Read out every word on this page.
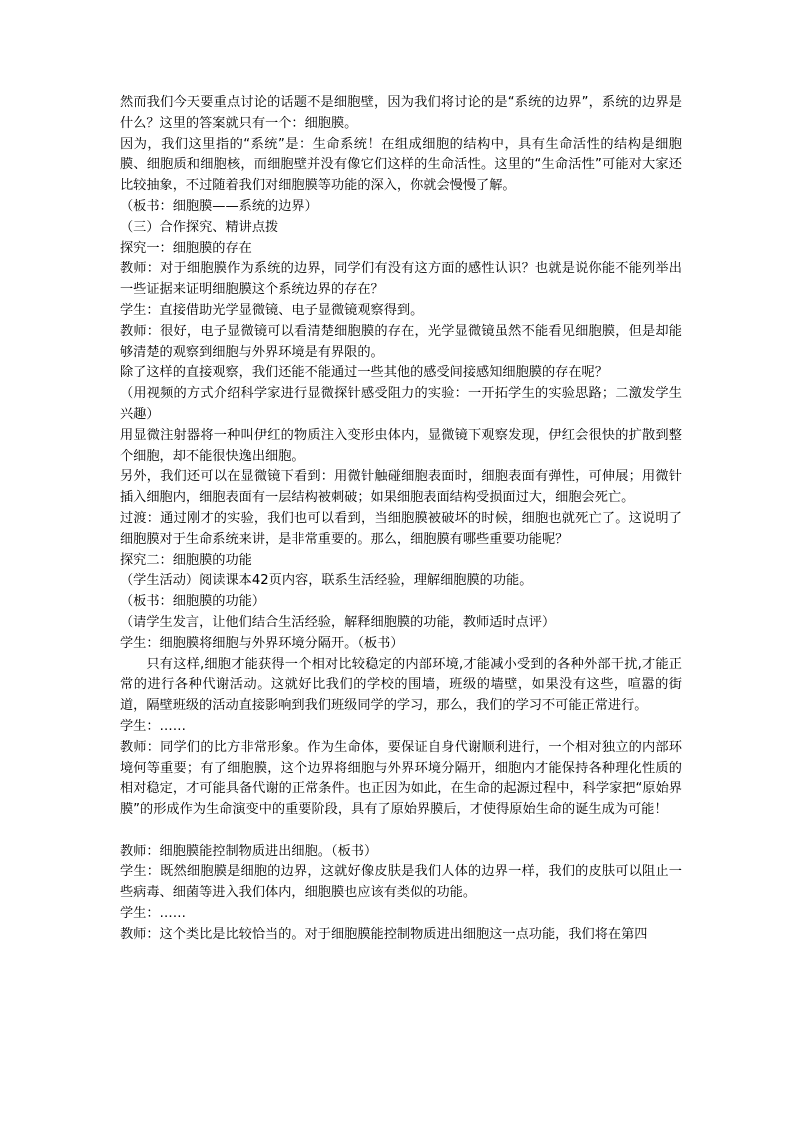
然而我们今天要重点讨论的话题不是细胞壁，因为我们将讨论的是“系统的边界”，系统的边界是什么？这里的答案就只有一个：细胞膜。

因为，我们这里指的“系统”是：生命系统！在组成细胞的结构中，具有生命活性的结构是细胞膜、细胞质和细胞核，而细胞壁并没有像它们这样的生命活性。这里的“生命活性”可能对大家还比较抽象，不过随着我们对细胞膜等功能的深入，你就会慢慢了解。

（板书：细胞膜——系统的边界）

（三）合作探究、精讲点拨

探究一：细胞膜的存在

教师：对于细胞膜作为系统的边界，同学们有没有这方面的感性认识？也就是说你能不能列举出一些证据来证明细胞膜这个系统边界的存在？

学生：直接借助光学显微镜、电子显微镜观察得到。

教师：很好，电子显微镜可以看清楚细胞膜的存在，光学显微镜虽然不能看见细胞膜，但是却能够清楚的观察到细胞与外界环境是有界限的。

除了这样的直接观察，我们还能不能通过一些其他的感受间接感知细胞膜的存在呢？

（用视频的方式介绍科学家进行显微探针感受阻力的实验：一开拓学生的实验思路；二激发学生兴趣）

用显微注射器将一种叫伊红的物质注入变形虫体内，显微镜下观察发现，伊红会很快的扩散到整个细胞，却不能很快逸出细胞。

另外，我们还可以在显微镜下看到：用微针触碰细胞表面时，细胞表面有弹性，可伸展；用微针插入细胞内，细胞表面有一层结构被刺破；如果细胞表面结构受损面过大，细胞会死亡。

过渡：通过刚才的实验，我们也可以看到，当细胞膜被破坏的时候，细胞也就死亡了。这说明了细胞膜对于生命系统来讲，是非常重要的。那么，细胞膜有哪些重要功能呢？

探究二：细胞膜的功能

（学生活动）阅读课本42页内容，联系生活经验，理解细胞膜的功能。

（板书：细胞膜的功能）

（请学生发言，让他们结合生活经验，解释细胞膜的功能，教师适时点评）

学生：细胞膜将细胞与外界环境分隔开。（板书）

只有这样,细胞才能获得一个相对比较稳定的内部环境,才能减小受到的各种外部干扰,才能正常的进行各种代谢活动。这就好比我们的学校的围墙，班级的墙壁，如果没有这些，喧嚣的街道，隔壁班级的活动直接影响到我们班级同学的学习，那么，我们的学习不可能正常进行。

学生：……

教师：同学们的比方非常形象。作为生命体，要保证自身代谢顺利进行，一个相对独立的内部环境何等重要；有了细胞膜，这个边界将细胞与外界环境分隔开，细胞内才能保持各种理化性质的相对稳定，才可能具备代谢的正常条件。也正因为如此，在生命的起源过程中，科学家把“原始界膜”的形成作为生命演变中的重要阶段，具有了原始界膜后，才使得原始生命的诞生成为可能！

教师：细胞膜能控制物质进出细胞。（板书）

学生：既然细胞膜是细胞的边界，这就好像皮肤是我们人体的边界一样，我们的皮肤可以阻止一些病毒、细菌等进入我们体内，细胞膜也应该有类似的功能。

学生：……

教师：这个类比是比较恰当的。对于细胞膜能控制物质进出细胞这一点功能，我们将在第四
